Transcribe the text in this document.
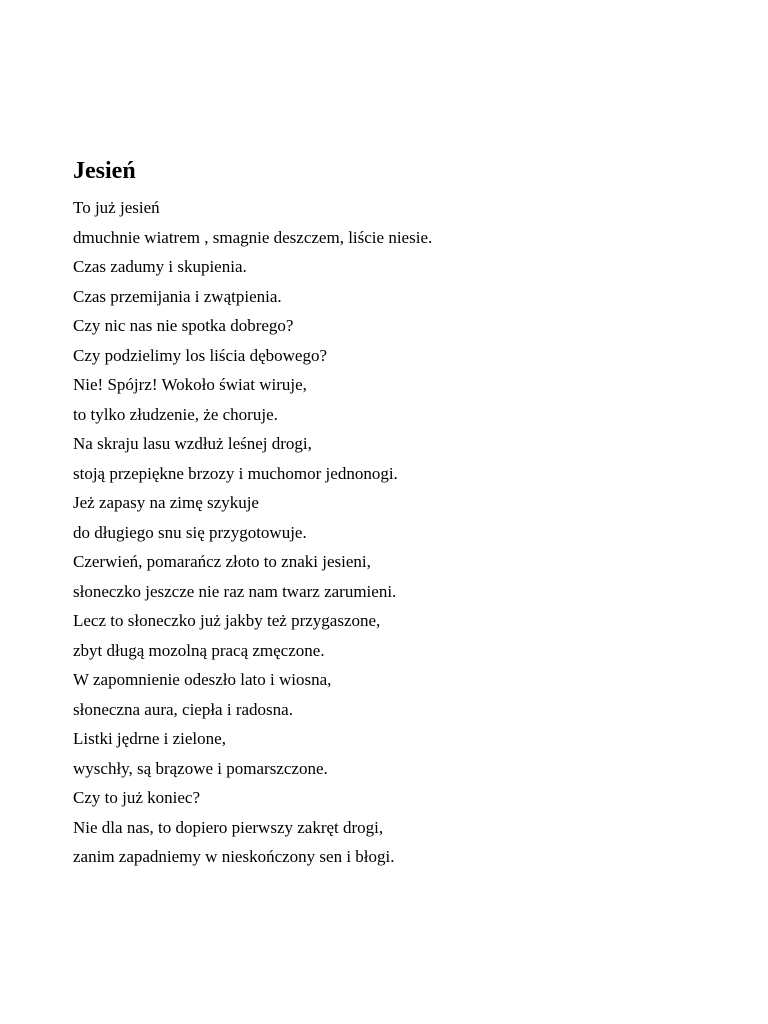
Jesień
To już jesień
dmuchnie wiatrem , smagnie deszczem, liście niesie.
Czas zadumy i skupienia.
Czas przemijania i zwątpienia.
Czy nic nas nie spotka dobrego?
Czy podzielimy los liścia dębowego?
Nie! Spójrz! Wokoło świat wiruje,
to tylko złudzenie, że choruje.
Na skraju lasu wzdłuż leśnej drogi,
stoją przepiękne brzozy i muchomor jednonogi.
Jeż zapasy na zimę szykuje
do długiego snu się przygotowuje.
Czerwień, pomarańcz złoto to znaki jesieni,
słoneczko jeszcze nie raz nam twarz zarumieni.
Lecz to słoneczko już jakby też przygaszone,
zbyt długą mozolną pracą zmęczone.
W zapomnienie odeszło lato i wiosna,
słoneczna aura, ciepła i radosna.
Listki jędrne i zielone,
wyschły, są brązowe i pomarszczone.
Czy to już koniec?
Nie dla nas, to dopiero pierwszy zakręt drogi,
zanim zapadniemy w nieskończony sen i błogi.
